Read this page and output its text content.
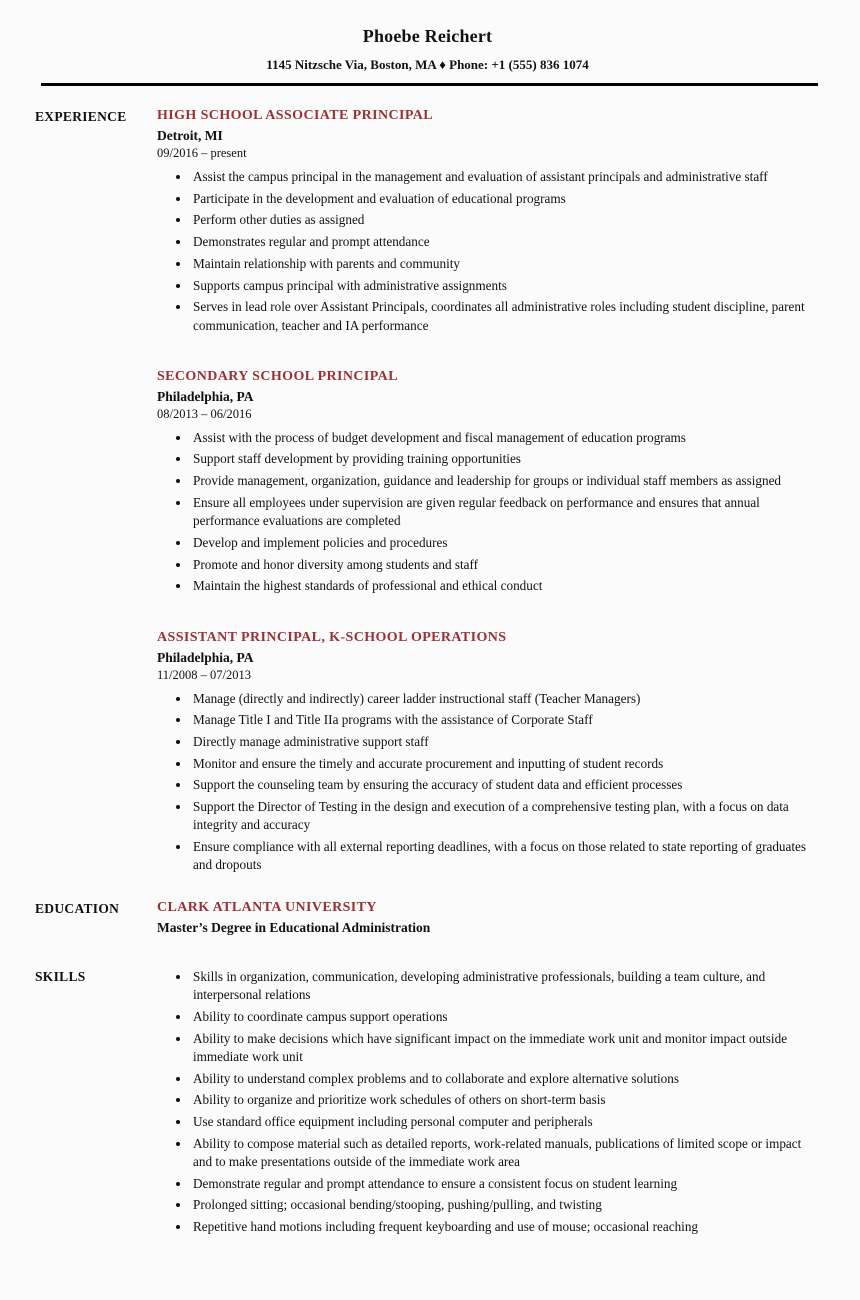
Phoebe Reichert
1145 Nitzsche Via, Boston, MA ♦ Phone: +1 (555) 836 1074
EXPERIENCE	HIGH SCHOOL ASSOCIATE PRINCIPAL
Detroit, MI
09/2016 – present
• Assist the campus principal in the management and evaluation of assistant principals and administrative staff
• Participate in the development and evaluation of educational programs
• Perform other duties as assigned
• Demonstrates regular and prompt attendance
• Maintain relationship with parents and community
• Supports campus principal with administrative assignments
• Serves in lead role over Assistant Principals, coordinates all administrative roles including student discipline, parent communication, teacher and IA performance
SECONDARY SCHOOL PRINCIPAL
Philadelphia, PA
08/2013 – 06/2016
• Assist with the process of budget development and fiscal management of education programs
• Support staff development by providing training opportunities
• Provide management, organization, guidance and leadership for groups or individual staff members as assigned
• Ensure all employees under supervision are given regular feedback on performance and ensures that annual performance evaluations are completed
• Develop and implement policies and procedures
• Promote and honor diversity among students and staff
• Maintain the highest standards of professional and ethical conduct
ASSISTANT PRINCIPAL, K-SCHOOL OPERATIONS
Philadelphia, PA
11/2008 – 07/2013
• Manage (directly and indirectly) career ladder instructional staff (Teacher Managers)
• Manage Title I and Title IIa programs with the assistance of Corporate Staff
• Directly manage administrative support staff
• Monitor and ensure the timely and accurate procurement and inputting of student records
• Support the counseling team by ensuring the accuracy of student data and efficient processes
• Support the Director of Testing in the design and execution of a comprehensive testing plan, with a focus on data integrity and accuracy
• Ensure compliance with all external reporting deadlines, with a focus on those related to state reporting of graduates and dropouts
EDUCATION	CLARK ATLANTA UNIVERSITY
Master’s Degree in Educational Administration
SKILLS	• Skills in organization, communication, developing administrative professionals, building a team culture, and interpersonal relations
• Ability to coordinate campus support operations
• Ability to make decisions which have significant impact on the immediate work unit and monitor impact outside immediate work unit
• Ability to understand complex problems and to collaborate and explore alternative solutions
• Ability to organize and prioritize work schedules of others on short-term basis
• Use standard office equipment including personal computer and peripherals
• Ability to compose material such as detailed reports, work-related manuals, publications of limited scope or impact and to make presentations outside of the immediate work area
• Demonstrate regular and prompt attendance to ensure a consistent focus on student learning
• Prolonged sitting; occasional bending/stooping, pushing/pulling, and twisting
• Repetitive hand motions including frequent keyboarding and use of mouse; occasional reaching
